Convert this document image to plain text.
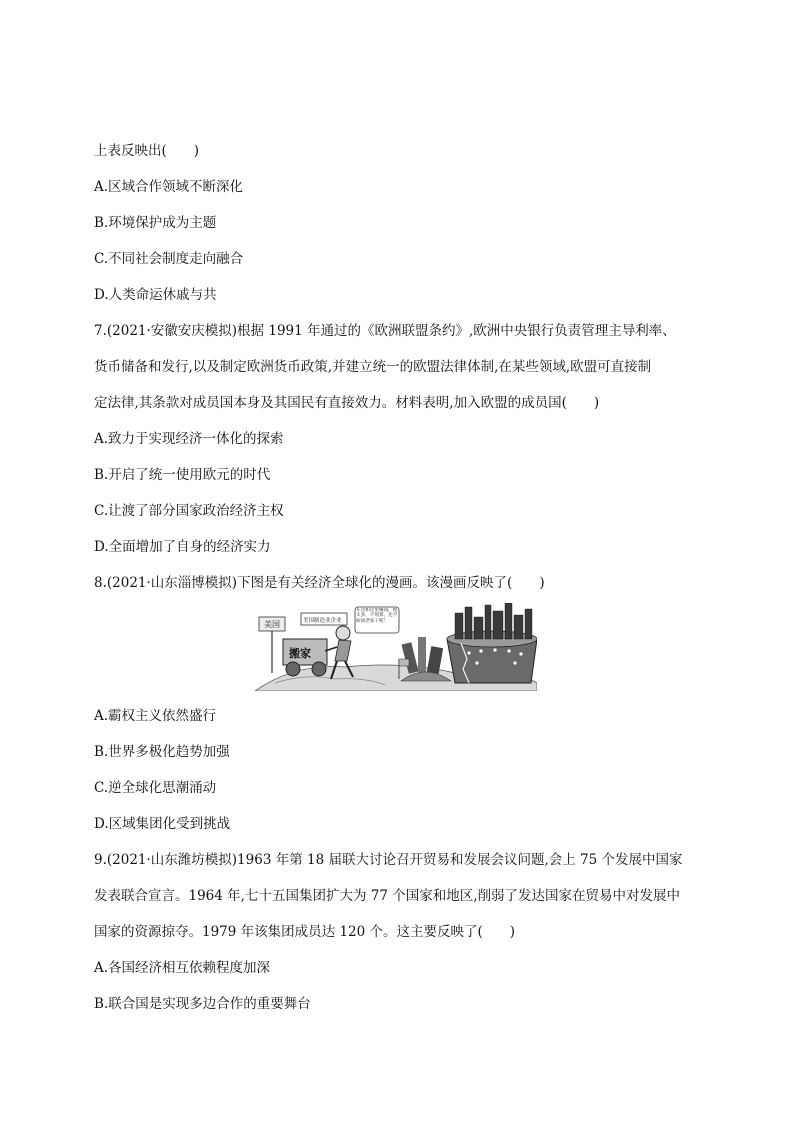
上表反映出(　　)
A.区域合作领域不断深化
B.环境保护成为主题
C.不同社会制度走向融合
D.人类命运休戚与共
7.(2021·安徽安庆模拟)根据 1991 年通过的《欧洲联盟条约》,欧洲中央银行负责管理主导利率、
货币储备和发行,以及制定欧洲货币政策,并建立统一的欧盟法律体制,在某些领域,欧盟可直接制
定法律,其条款对成员国本身及其国民有直接效力。材料表明,加入欧盟的成员国(　　)
A.致力于实现经济一体化的探索
B.开启了统一使用欧元的时代
C.让渡了部分国家政治经济主权
D.全面增加了自身的经济实力
8.(2021·山东淄博模拟)下图是有关经济全球化的漫画。该漫画反映了(　　)
美国
搬家
美国制造业企业
在这和这里赚钱，税太多，不划算，还不如回老家干呢！
A.霸权主义依然盛行
B.世界多极化趋势加强
C.逆全球化思潮涌动
D.区域集团化受到挑战
9.(2021·山东潍坊模拟)1963 年第 18 届联大讨论召开贸易和发展会议问题,会上 75 个发展中国家
发表联合宣言。1964 年,七十五国集团扩大为 77 个国家和地区,削弱了发达国家在贸易中对发展中
国家的资源掠夺。1979 年该集团成员达 120 个。这主要反映了(　　)
A.各国经济相互依赖程度加深
B.联合国是实现多边合作的重要舞台
